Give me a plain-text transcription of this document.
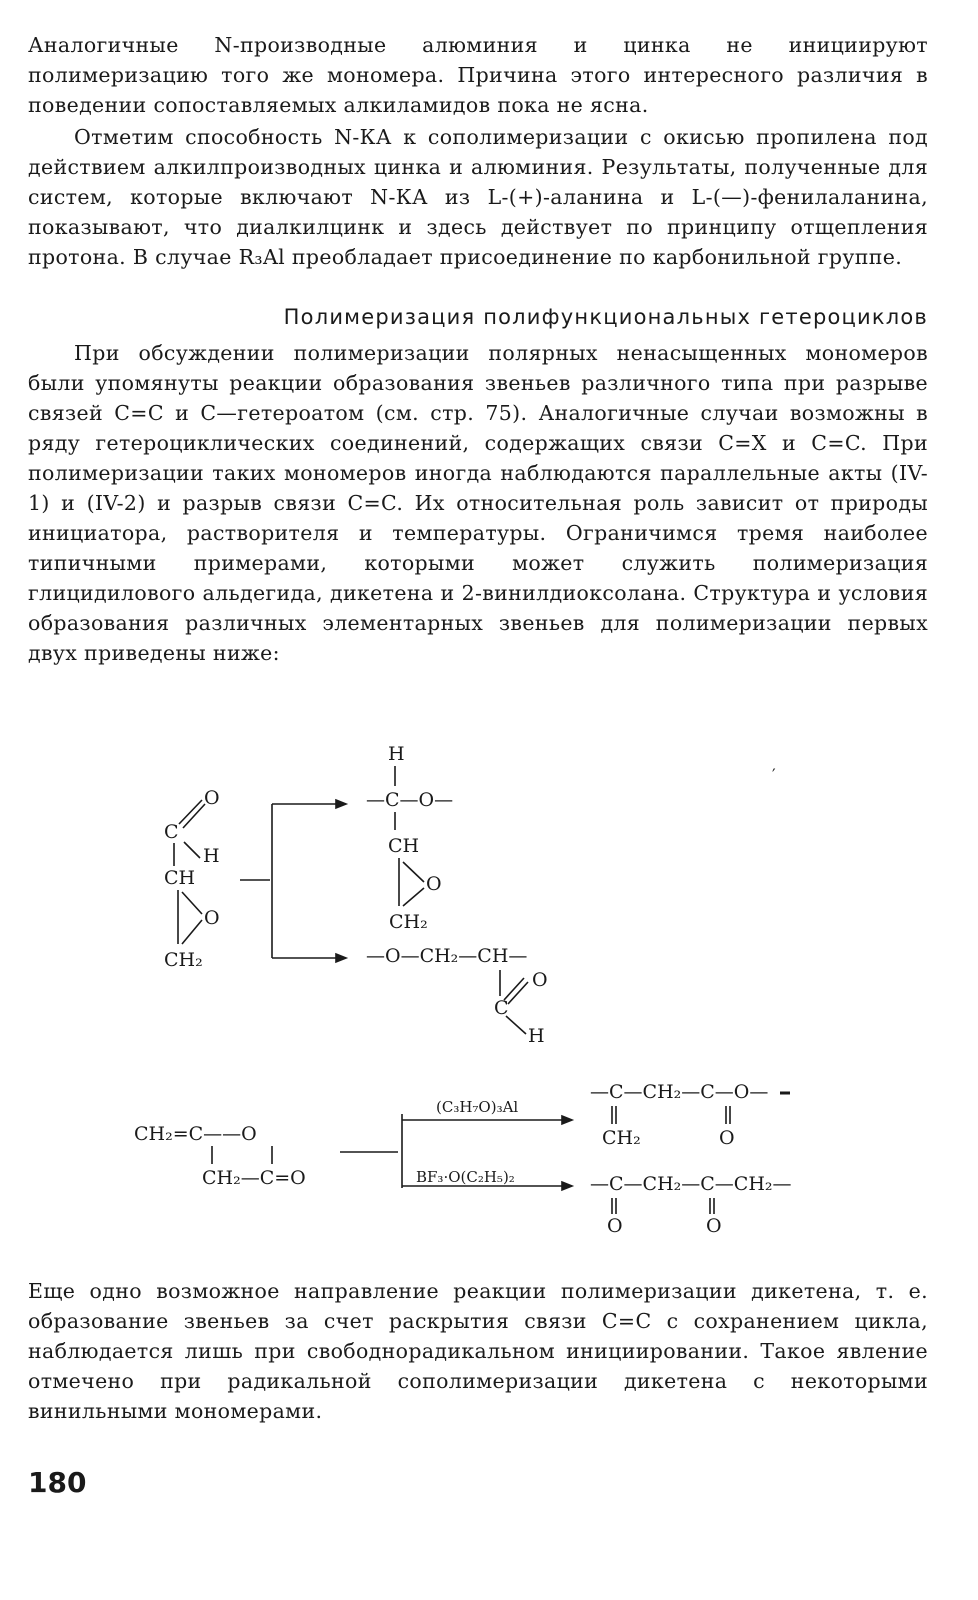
Аналогичные N-производные алюминия и цинка не инициируют полимеризацию того же мономера. Причина этого интересного различия в поведении сопоставляемых алкиламидов пока не ясна.

Отметим способность N-КА к сополимеризации с окисью пропилена под действием алкилпроизводных цинка и алюминия. Результаты, полученные для систем, которые включают N-КА из L-(+)-аланина и L-(—)-фенилаланина, показывают, что диалкилцинк и здесь действует по принципу отщепления протона. В случае R₃Al преобладает присоединение по карбонильной группе.

Полимеризация полифункциональных гетероциклов

При обсуждении полимеризации полярных ненасыщенных мономеров были упомянуты реакции образования звеньев различного типа при разрыве связей C=C и C—гетероатом (см. стр. 75). Аналогичные случаи возможны в ряду гетероциклических соединений, содержащих связи C=X и C=C. При полимеризации таких мономеров иногда наблюдаются параллельные акты (IV-1) и (IV-2) и разрыв связи C=C. Их относительная роль зависит от природы инициатора, растворителя и температуры. Ограничимся тремя наиболее типичными примерами, которыми может служить полимеризация глицидилового альдегида, дикетена и 2-винилдиоксолана. Структура и условия образования различных элементарных звеньев для полимеризации первых двух приведены ниже:

O
C
H
CH
O
CH₂
H
—C—O—
CH
O
CH₂
—O—CH₂—CH—
O
C
H
′
CH₂=C——O
CH₂—C=O
(C₃H₇O)₃Al
BF₃·O(C₂H₅)₂
—C—CH₂—C—O—
CH₂	O
—C—CH₂—C—CH₂—
O	O

Еще одно возможное направление реакции полимеризации дикетена, т. е. образование звеньев за счет раскрытия связи C=C с сохранением цикла, наблюдается лишь при свободнорадикальном инициировании. Такое явление отмечено при радикальной сополимеризации дикетена с некоторыми винильными мономерами.

180
